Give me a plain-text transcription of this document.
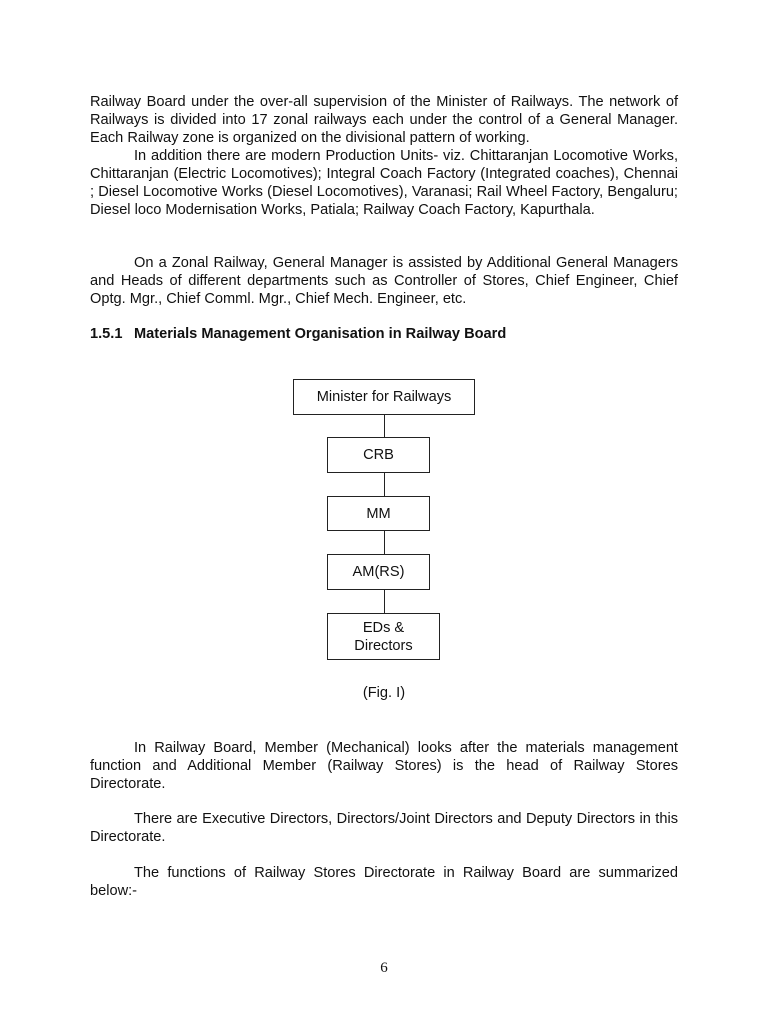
Railway Board under the over-all supervision of the Minister of Railways. The network of Railways is divided into 17 zonal railways each under the control of a General Manager. Each Railway zone is organized on the divisional pattern of working.

In addition there are modern Production Units- viz. Chittaranjan Locomotive Works, Chittaranjan (Electric Locomotives); Integral Coach Factory (Integrated coaches), Chennai ; Diesel Locomotive Works (Diesel Locomotives), Varanasi; Rail Wheel Factory, Bengaluru; Diesel loco Modernisation Works, Patiala; Railway Coach Factory, Kapurthala.

On a Zonal Railway, General Manager is assisted by Additional General Managers and Heads of different departments such as Controller of Stores, Chief Engineer, Chief Optg. Mgr., Chief Comml. Mgr., Chief Mech. Engineer, etc.

1.5.1 Materials Management Organisation in Railway Board
Minister for Railways
CRB
MM
AM(RS)
EDs &
Directors
(Fig. I)

In Railway Board, Member (Mechanical) looks after the materials management function and Additional Member (Railway Stores) is the head of Railway Stores Directorate.

There are Executive Directors, Directors/Joint Directors and Deputy Directors in this Directorate.

The functions of Railway Stores Directorate in Railway Board are summarized below:-

6
